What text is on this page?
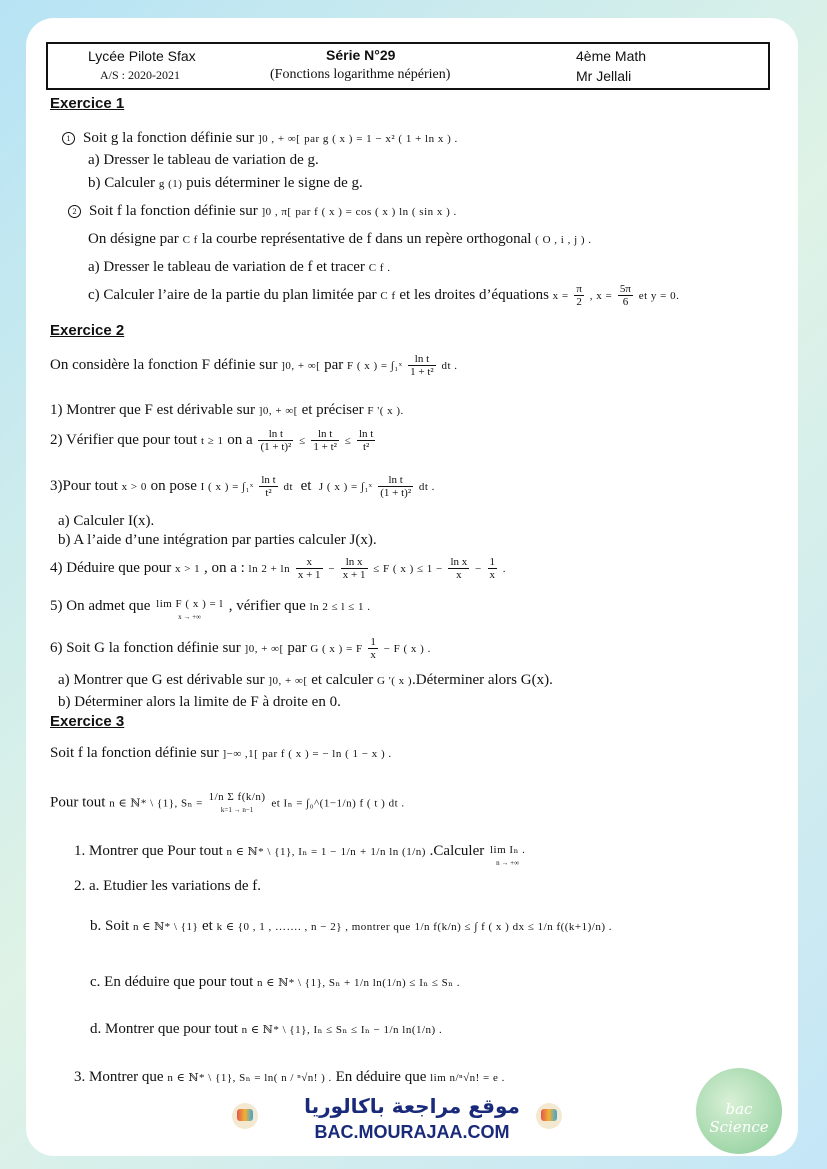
Lycée Pilote Sfax
A/S : 2020-2021
Série N°29
(Fonctions logarithme népérien)
4ème Math
Mr Jellali
Exercice 1
1 Soit g la fonction définie sur ]0 , + ∞[ par g ( x ) = 1 − x² ( 1 + ln x ) .
a) Dresser le tableau de variation de g.
b) Calculer g (1) puis déterminer le signe de g.
2 Soit f la fonction définie sur ]0 , π[ par f ( x ) = cos ( x ) ln ( sin x ) .
On désigne par C f la courbe représentative de f dans un repère orthogonal ( O , i , j ) .
a) Dresser le tableau de variation de f et tracer C f .
c) Calculer l’aire de la partie du plan limitée par C f et les droites d’équations $x = \frac{\pi}{2}$ , $x = \frac{5\pi}{6}$ et y = 0.
Exercice 2
On considère la fonction F définie sur ]0, + ∞[ par F ( x ) = ∫₁ˣ $\frac{\text{ln t}}{\text{1 + t²}}$ dt .
1) Montrer que F est dérivable sur ]0, + ∞[ et préciser F '( x ).
2) Vérifier que pour tout t ≥ 1 on a $\frac{\text{ln t}}{\text{(1 + t)²}} \le \frac{\text{ln t}}{\text{1 + t²}} \le \frac{\text{ln t}}{\text{t²}}$
3)Pour tout x > 0 on pose I ( x ) = ∫₁ˣ $\frac{\text{ln t}}{\text{t²}}$ dt et J ( x ) = ∫₁ˣ $\frac{\text{ln t}}{\text{(1 + t)²}}$ dt .
a) Calculer I(x).
b) A l’aide d’une intégration par parties calculer J(x).
4) Déduire que pour x > 1 , on a : $\ln 2 + \ln \frac{x}{x + 1} - \frac{\text{ln x}}{x + 1} \le F$ ( x ) ≤ $1 - \frac{\text{ln x}}{x} - \frac{1}{x}$ .
5) On admet que lim F ( x ) = l
x → +∞ , vérifier que ln 2 ≤ l ≤ 1 .
6) Soit G la fonction définie sur ]0, + ∞[ par G ( x ) = F $\frac{1}{x} - F$ ( x ) .
a) Montrer que G est dérivable sur ]0, + ∞[ et calculer G '( x ).Déterminer alors G(x).
b) Déterminer alors la limite de F à droite en 0.
Exercice 3
Soit f la fonction définie sur ]−∞ ,1[ par f ( x ) = − ln ( 1 − x ) .
Pour tout n ∈ ℕ* \ {1}, Sₙ = 1/n Σ f(k/n)
k=1 → n−1 et Iₙ = ∫₀^(1−1/n) f ( t ) dt .
1. Montrer que Pour tout n ∈ ℕ* \ {1}, Iₙ = 1 − 1/n + 1/n ln (1/n) .Calculer lim Iₙ .
n → +∞
2. a. Etudier les variations de f.
b. Soit n ∈ ℕ* \ {1} et k ∈ {0 , 1 , ……. , n − 2} , montrer que 1/n f(k/n) ≤ ∫ f ( x ) dx ≤ 1/n f((k+1)/n) .
c. En déduire que pour tout n ∈ ℕ* \ {1}, Sₙ + 1/n ln(1/n) ≤ Iₙ ≤ Sₙ .
d. Montrer que pour tout n ∈ ℕ* \ {1}, Iₙ ≤ Sₙ ≤ Iₙ − 1/n ln(1/n) .
3. Montrer que n ∈ ℕ* \ {1}, Sₙ = ln( n / ⁿ√n! ) . En déduire que lim n/ⁿ√n! = e .
موقع مراجعة باكالوريا
BAC.MOURAJAA.COM
bac Science
